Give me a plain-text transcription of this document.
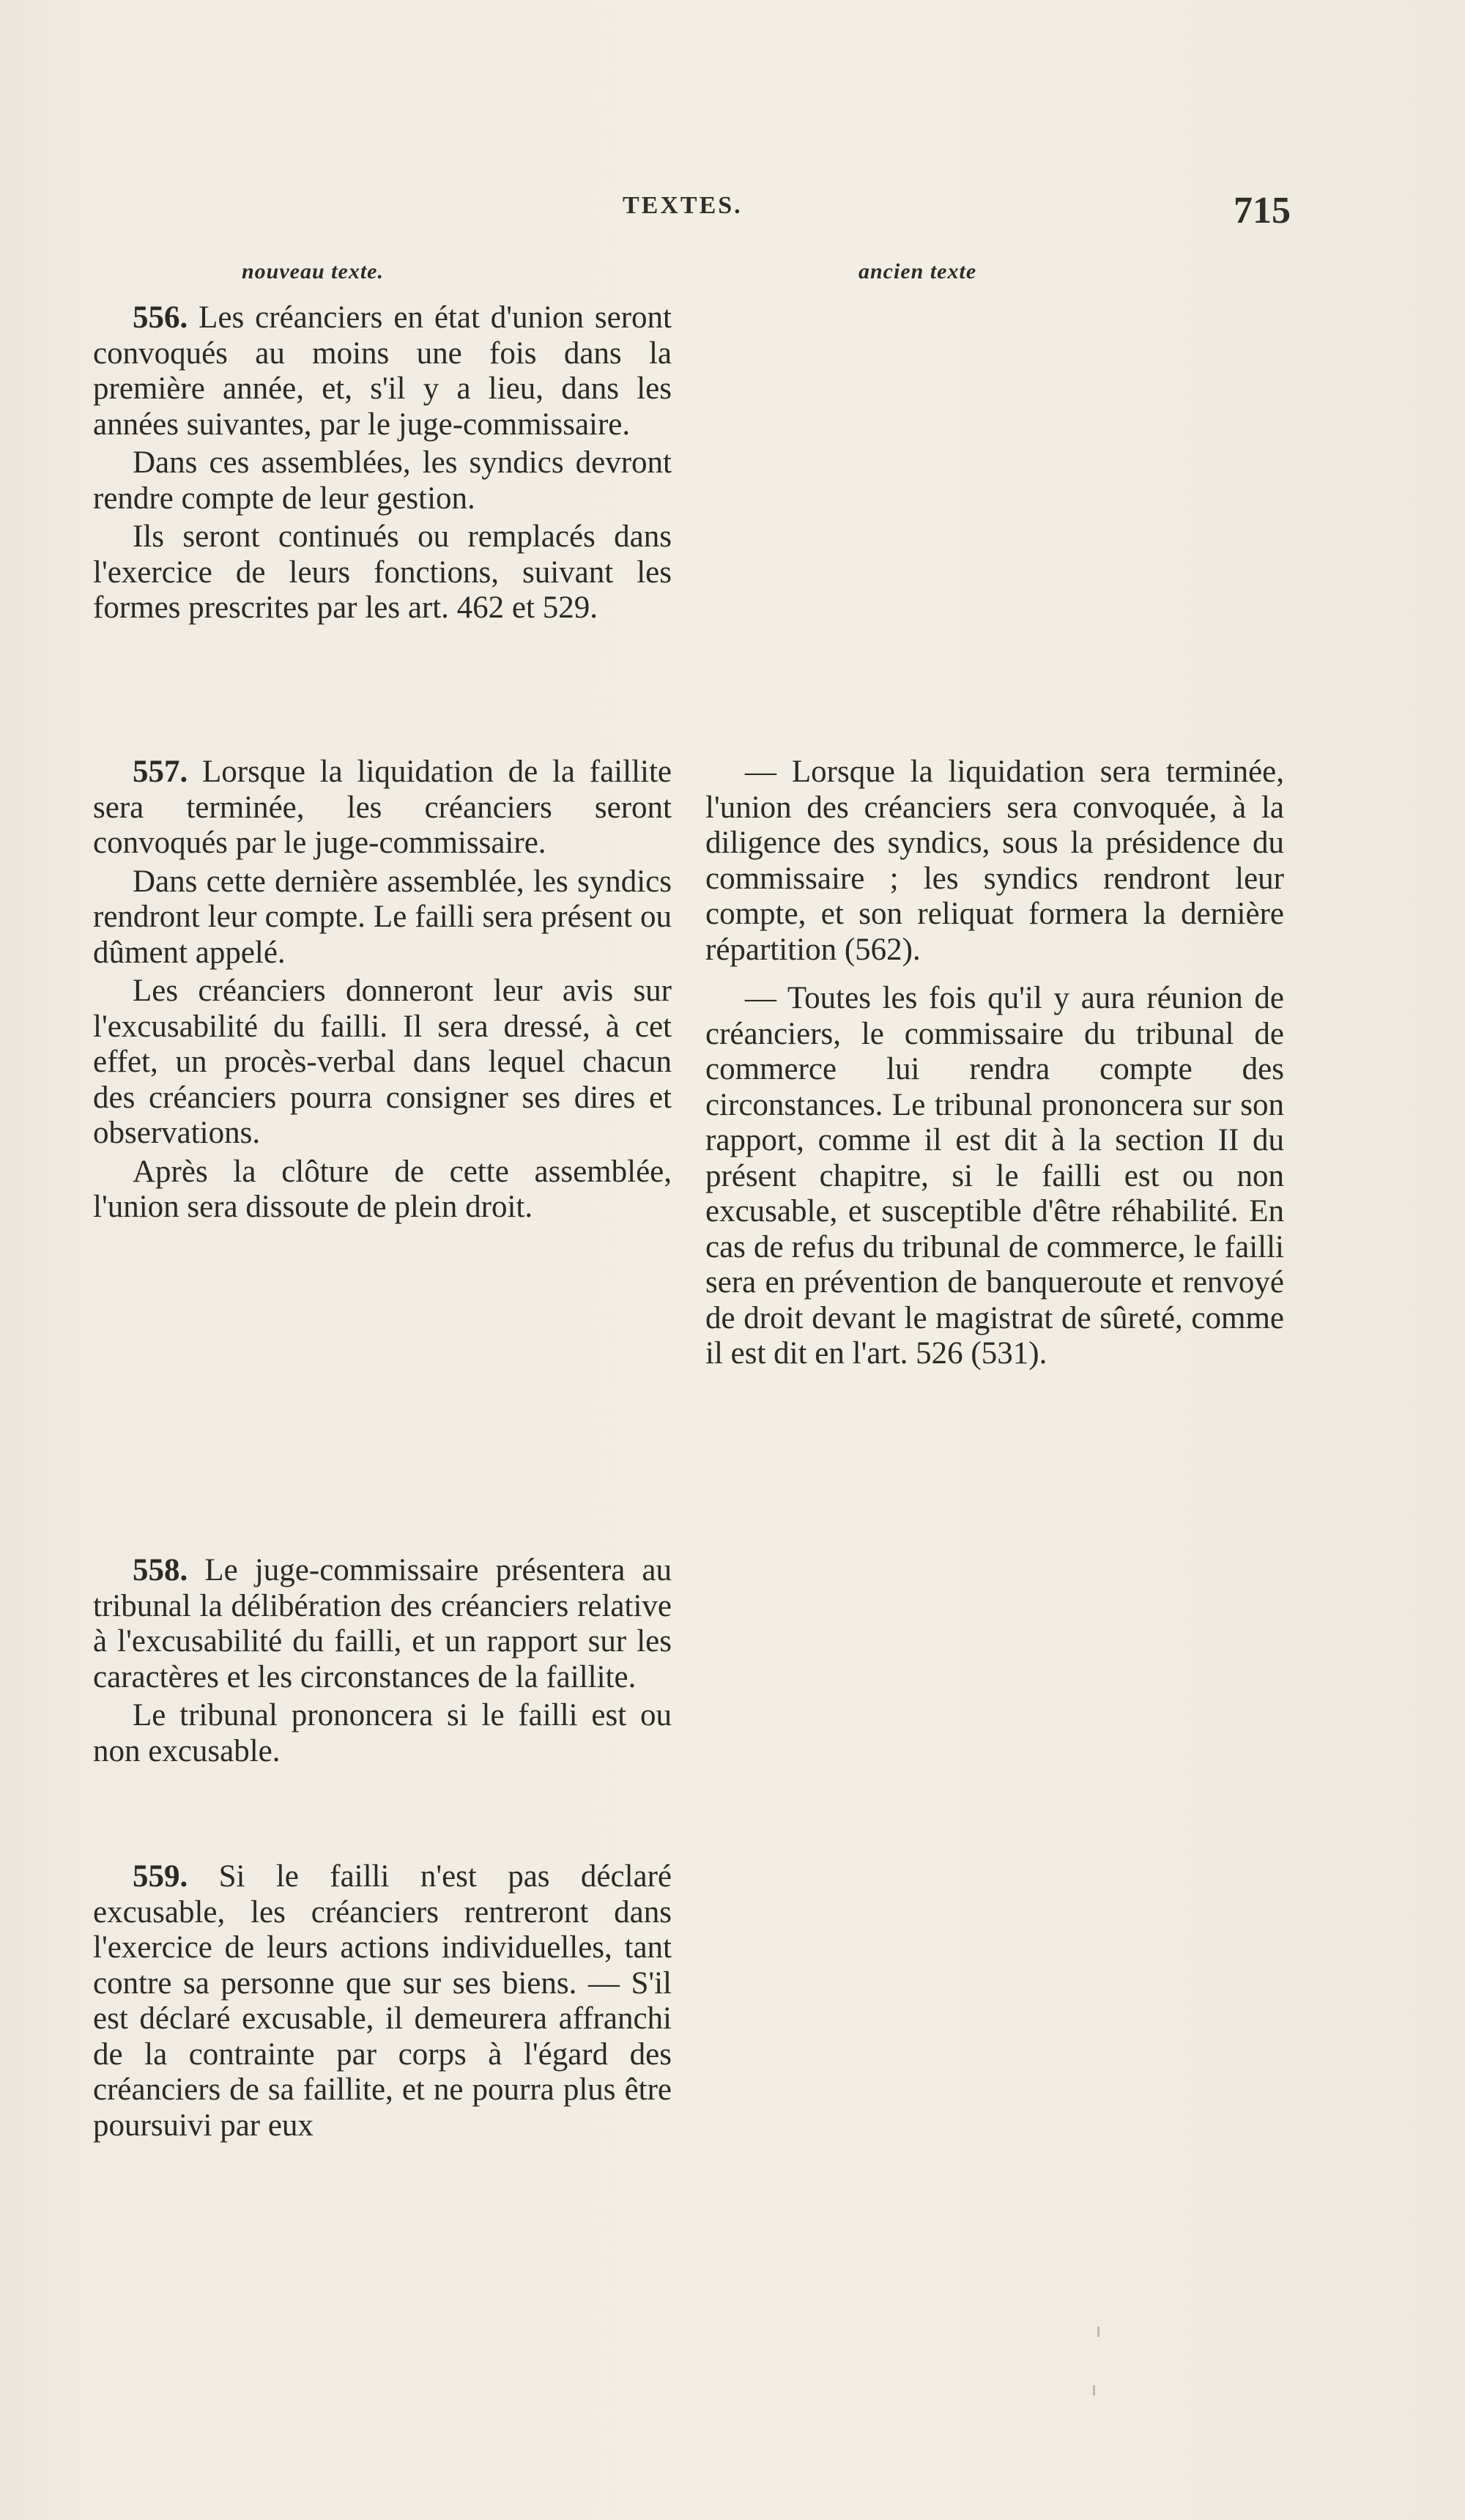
TEXTES.	715
nouveau texte.	ancien texte

556. Les créanciers en état d'union seront convoqués au moins une fois dans la première année, et, s'il y a lieu, dans les années suivantes, par le juge-commissaire.

Dans ces assemblées, les syndics devront rendre compte de leur gestion.

Ils seront continués ou remplacés dans l'exercice de leurs fonctions, suivant les formes prescrites par les art. 462 et 529.

557. Lorsque la liquidation de la faillite sera terminée, les créanciers seront convoqués par le juge-commissaire.

Dans cette dernière assemblée, les syndics rendront leur compte. Le failli sera présent ou dûment appelé.

Les créanciers donneront leur avis sur l'excusabilité du failli. Il sera dressé, à cet effet, un procès-verbal dans lequel chacun des créanciers pourra consigner ses dires et observations.

Après la clôture de cette assemblée, l'union sera dissoute de plein droit.

558. Le juge-commissaire présentera au tribunal la délibération des créanciers relative à l'excusabilité du failli, et un rapport sur les caractères et les circonstances de la faillite.

Le tribunal prononcera si le failli est ou non excusable.

559. Si le failli n'est pas déclaré excusable, les créanciers rentreront dans l'exercice de leurs actions individuelles, tant contre sa personne que sur ses biens. — S'il est déclaré excusable, il demeurera affranchi de la contrainte par corps à l'égard des créanciers de sa faillite, et ne pourra plus être poursuivi par eux

— Lorsque la liquidation sera terminée, l'union des créanciers sera convoquée, à la diligence des syndics, sous la présidence du commissaire ; les syndics rendront leur compte, et son reliquat formera la dernière répartition (562).

— Toutes les fois qu'il y aura réunion de créanciers, le commissaire du tribunal de commerce lui rendra compte des circonstances. Le tribunal prononcera sur son rapport, comme il est dit à la section II du présent chapitre, si le failli est ou non excusable, et susceptible d'être réhabilité. En cas de refus du tribunal de commerce, le failli sera en prévention de banqueroute et renvoyé de droit devant le magistrat de sûreté, comme il est dit en l'art. 526 (531).
